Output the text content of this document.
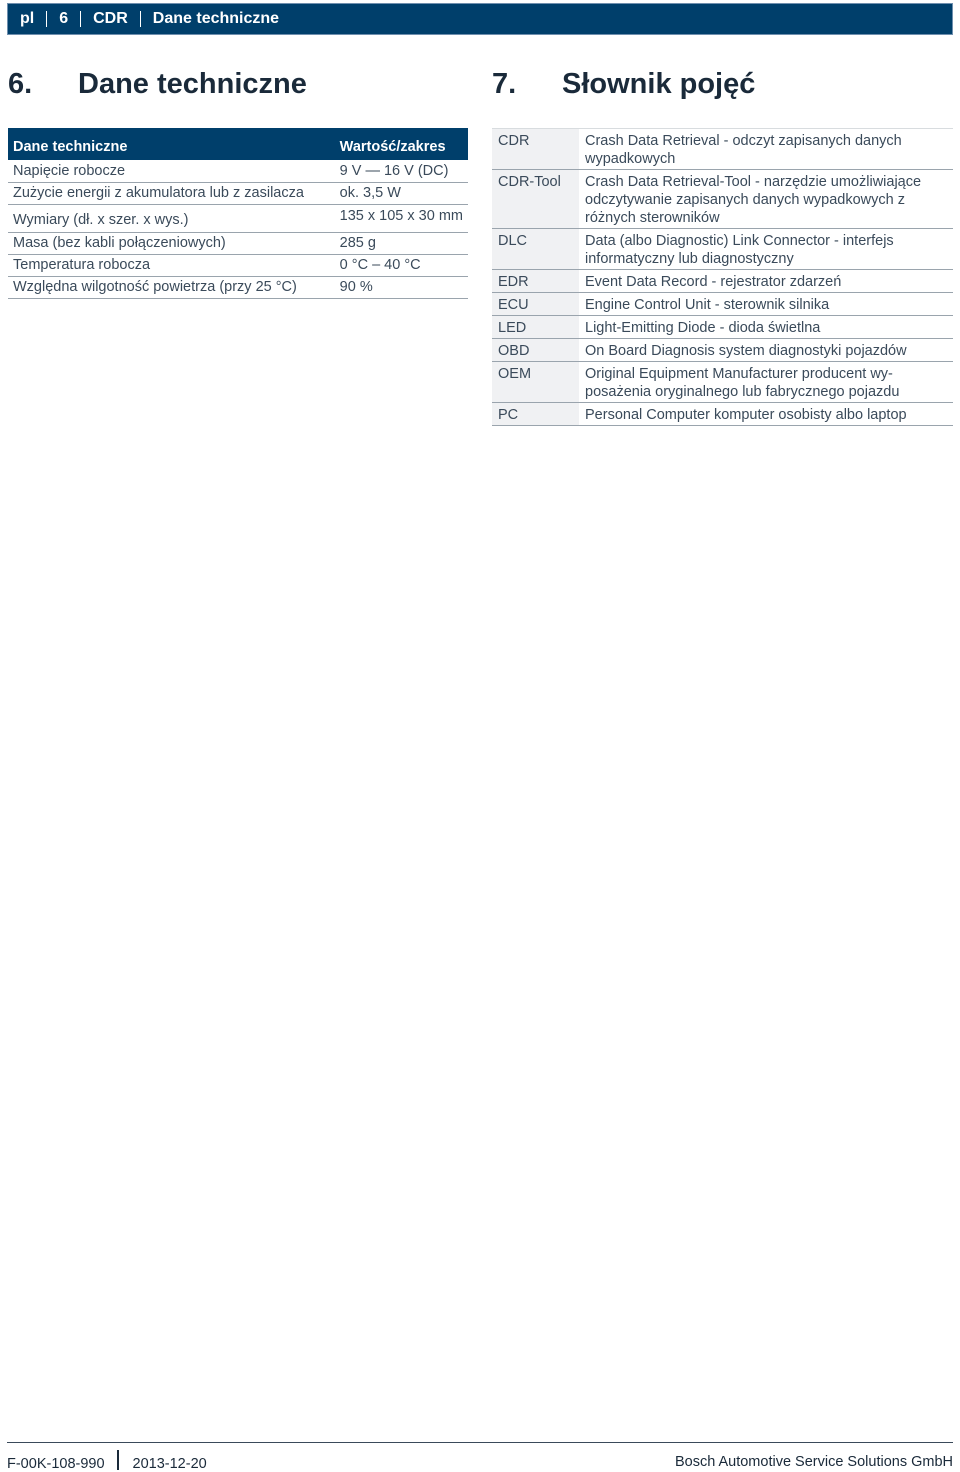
pl 6 CDR Dane techniczne
6. Dane techniczne	7. Słownik pojęć
Dane techniczne	Wartość/zakres
Napięcie robocze	9 V — 16 V (DC)
Zużycie energii z akumulatora lub z zasilacza	ok. 3,5 W
Wymiary (dł. x szer. x wys.)	135 x 105 x 30 mm
Masa (bez kabli połączeniowych)	285 g
Temperatura robocza	0 °C – 40 °C
Względna wilgotność powietrza (przy 25 °C)	90 %
CDR	Crash Data Retrieval - odczyt zapisanych danych wypadkowych
CDR-Tool	Crash Data Retrieval-Tool - narzędzie umożliwiające odczytywanie zapisanych danych wypadkowych z różnych sterowników
DLC	Data (albo Diagnostic) Link Connector - interfejs informatyczny lub diagnostyczny
EDR	Event Data Record - rejestrator zdarzeń
ECU	Engine Control Unit - sterownik silnika
LED	Light-Emitting Diode - dioda świetlna
OBD	On Board Diagnosis system diagnostyki pojazdów
OEM	Original Equipment Manufacturer producent wy-posażenia oryginalnego lub fabrycznego pojazdu
PC	Personal Computer komputer osobisty albo laptop
F-00K-108-990 2013-12-20	Bosch Automotive Service Solutions GmbH
